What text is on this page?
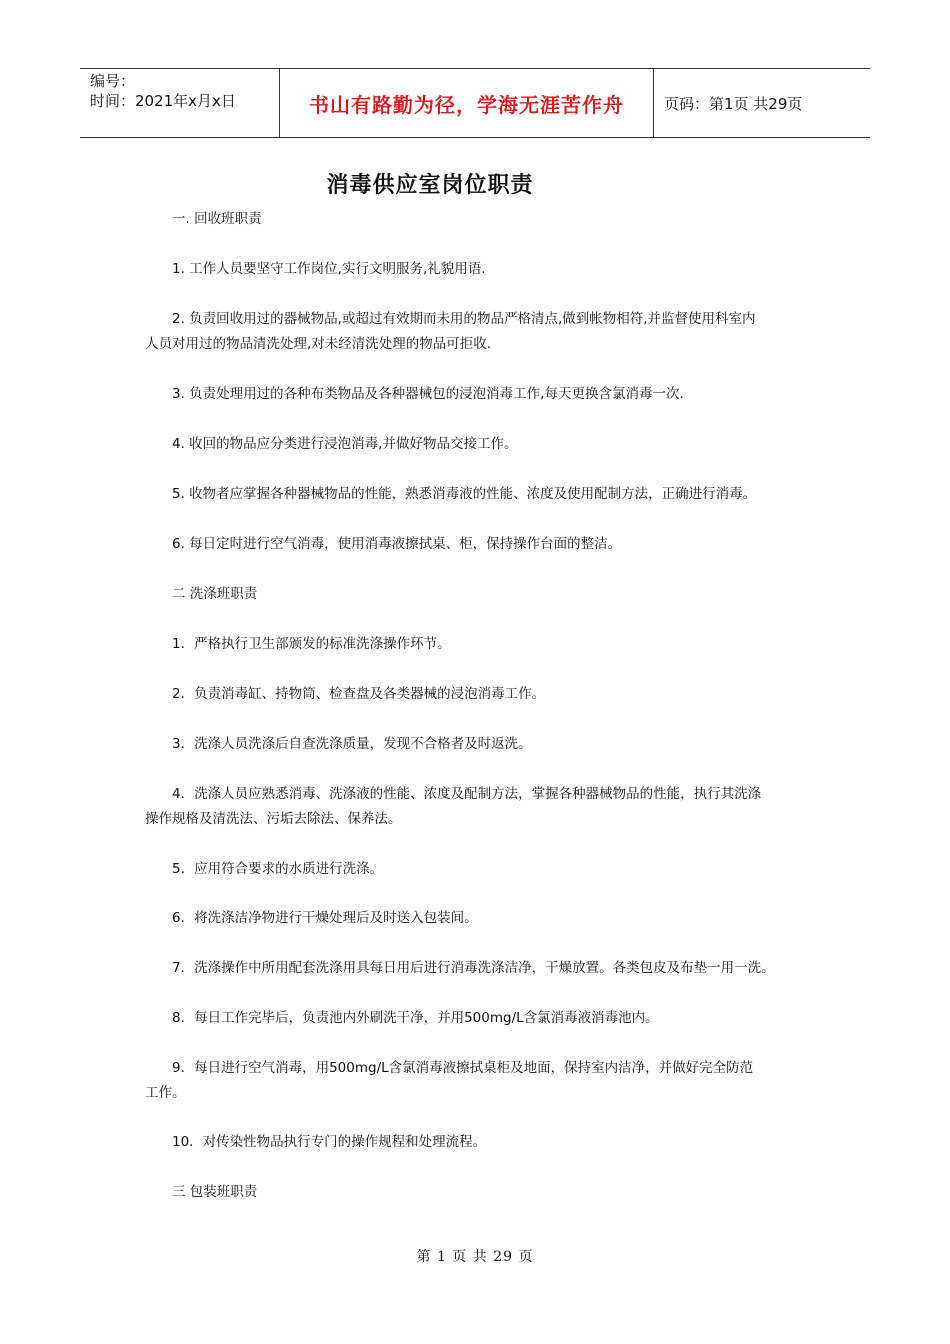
编号：
时间：2021年x月x日	书山有路勤为径，学海无涯苦作舟	页码：第1页 共29页
消毒供应室岗位职责
一. 回收班职责
1. 工作人员要坚守工作岗位,实行文明服务,礼貌用语.
2. 负责回收用过的器械物品,或超过有效期而未用的物品严格清点,做到帐物相符,并监督使用科室内
人员对用过的物品清洗处理,对未经清洗处理的物品可拒收.
3. 负责处理用过的各种布类物品及各种器械包的浸泡消毒工作,每天更换含氯消毒一次.
4. 收回的物品应分类进行浸泡消毒,并做好物品交接工作。
5. 收物者应掌握各种器械物品的性能，熟悉消毒液的性能、浓度及使用配制方法，正确进行消毒。
6. 每日定时进行空气消毒，使用消毒液擦拭桌、柜，保持操作台面的整洁。
二 洗涤班职责
1．严格执行卫生部颁发的标准洗涤操作环节。
2．负责消毒缸、持物筒、检查盘及各类器械的浸泡消毒工作。
3．洗涤人员洗涤后自查洗涤质量，发现不合格者及时返洗。
4．洗涤人员应熟悉消毒、洗涤液的性能、浓度及配制方法，掌握各种器械物品的性能，执行其洗涤
操作规格及清洗法、污垢去除法、保养法。
5．应用符合要求的水质进行洗涤。
6．将洗涤洁净物进行干燥处理后及时送入包装间。
7．洗涤操作中所用配套洗涤用具每日用后进行消毒洗涤洁净，干燥放置。各类包皮及布垫一用一洗。
8．每日工作完毕后，负责池内外刷洗干净，并用500mg/L含氯消毒液消毒池内。
9．每日进行空气消毒，用500mg/L含氯消毒液擦拭桌柜及地面，保持室内洁净，并做好完全防范
工作。
10．对传染性物品执行专门的操作规程和处理流程。
三 包装班职责
第 1 页 共 29 页
